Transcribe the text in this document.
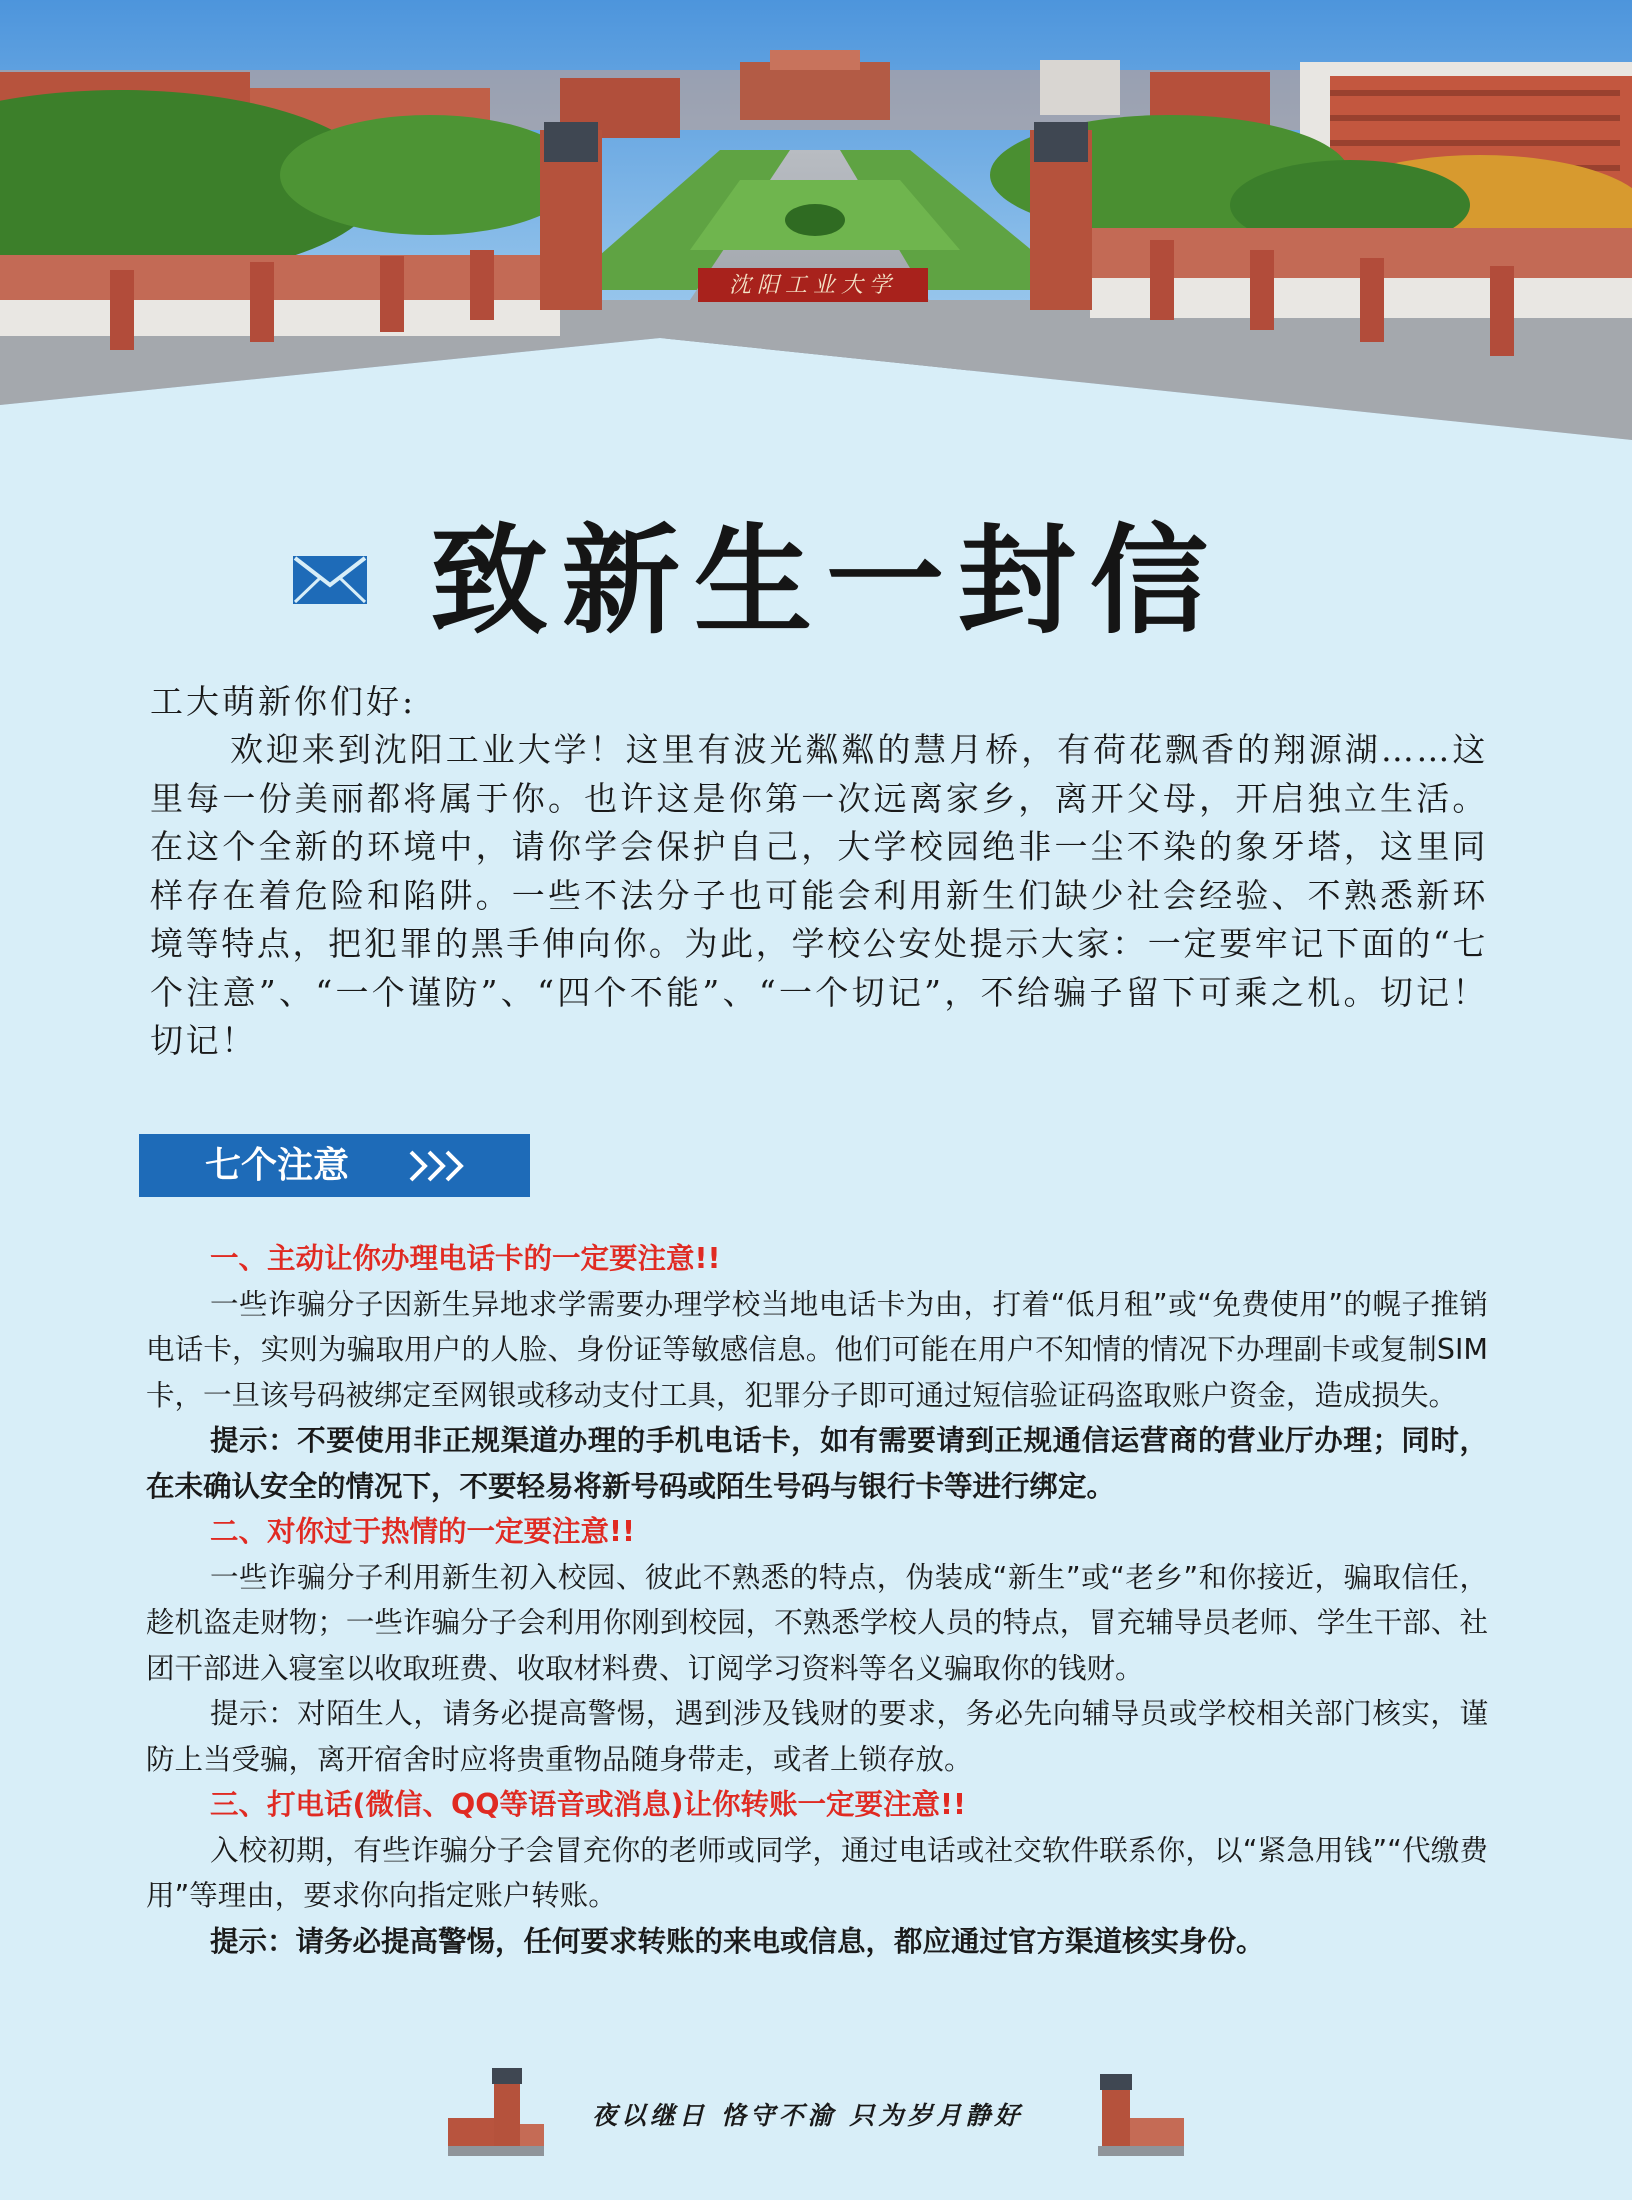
沈阳工业大学
致新生一封信

工大萌新你们好:

欢迎来到沈阳工业大学！这里有波光粼粼的慧月桥，有荷花飘香的翔源湖……这里每一份美丽都将属于你。也许这是你第一次远离家乡，离开父母，开启独立生活。在这个全新的环境中，请你学会保护自己，大学校园绝非一尘不染的象牙塔，这里同样存在着危险和陷阱。一些不法分子也可能会利用新生们缺少社会经验、不熟悉新环境等特点，把犯罪的黑手伸向你。为此，学校公安处提示大家：一定要牢记下面的“七个注意”、“一个谨防”、“四个不能”、“一个切记”，不给骗子留下可乘之机。切记！切记！

七个注意

一、主动让你办理电话卡的一定要注意!!

一些诈骗分子因新生异地求学需要办理学校当地电话卡为由，打着“低月租”或“免费使用”的幌子推销电话卡，实则为骗取用户的人脸、身份证等敏感信息。他们可能在用户不知情的情况下办理副卡或复制SIM卡，一旦该号码被绑定至网银或移动支付工具，犯罪分子即可通过短信验证码盗取账户资金，造成损失。

提示：不要使用非正规渠道办理的手机电话卡，如有需要请到正规通信运营商的营业厅办理；同时，在未确认安全的情况下，不要轻易将新号码或陌生号码与银行卡等进行绑定。

二、对你过于热情的一定要注意!!

一些诈骗分子利用新生初入校园、彼此不熟悉的特点，伪装成“新生”或“老乡”和你接近，骗取信任，趁机盗走财物；一些诈骗分子会利用你刚到校园，不熟悉学校人员的特点，冒充辅导员老师、学生干部、社团干部进入寝室以收取班费、收取材料费、订阅学习资料等名义骗取你的钱财。

提示：对陌生人，请务必提高警惕，遇到涉及钱财的要求，务必先向辅导员或学校相关部门核实，谨防上当受骗，离开宿舍时应将贵重物品随身带走，或者上锁存放。

三、打电话(微信、QQ等语音或消息)让你转账一定要注意!!

入校初期，有些诈骗分子会冒充你的老师或同学，通过电话或社交软件联系你，以“紧急用钱”“代缴费用”等理由，要求你向指定账户转账。

提示：请务必提高警惕，任何要求转账的来电或信息，都应通过官方渠道核实身份。

夜以继日 恪守不渝 只为岁月静好
